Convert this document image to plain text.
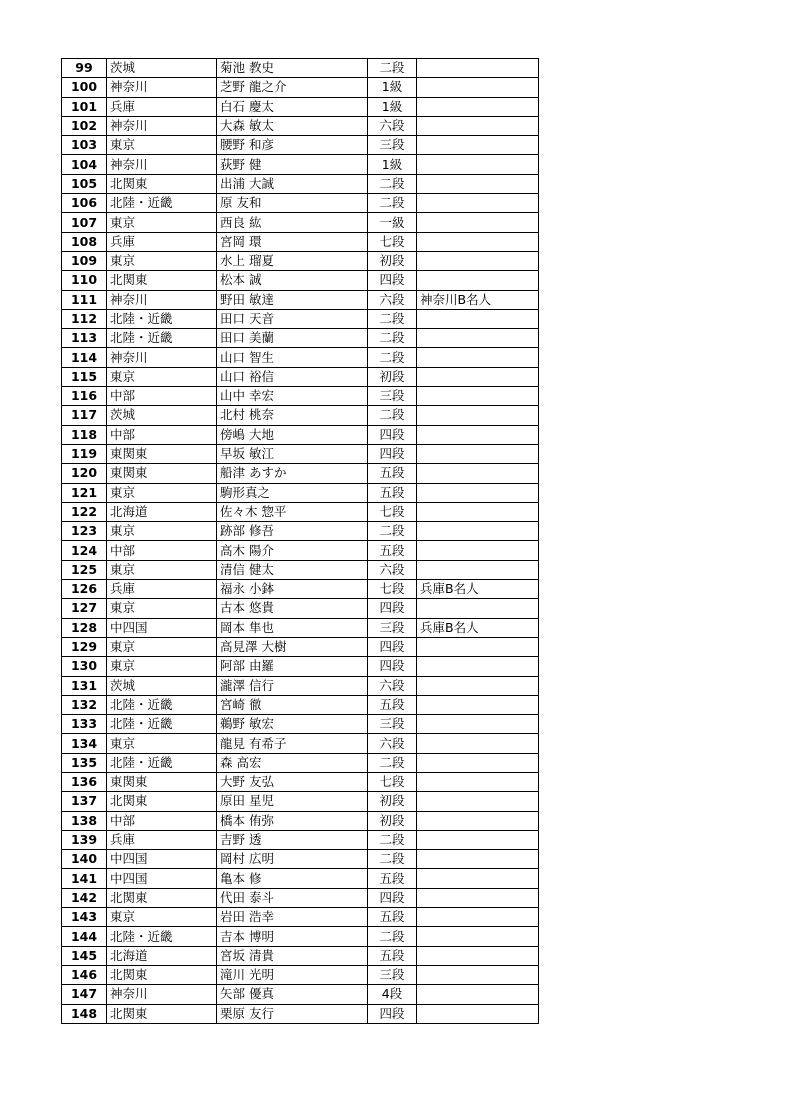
99	茨城	菊池 教史	二段	
100	神奈川	芝野 龍之介	1級	
101	兵庫	白石 慶太	1級	
102	神奈川	大森 敏太	六段	
103	東京	腰野 和彦	三段	
104	神奈川	荻野 健	1級	
105	北関東	出浦 大誠	二段	
106	北陸・近畿	原 友和	二段	
107	東京	西良 紘	一級	
108	兵庫	宮岡 環	七段	
109	東京	水上 瑠夏	初段	
110	北関東	松本 誠	四段	
111	神奈川	野田 敏達	六段	神奈川B名人
112	北陸・近畿	田口 天音	二段	
113	北陸・近畿	田口 美蘭	二段	
114	神奈川	山口 智生	二段	
115	東京	山口 裕信	初段	
116	中部	山中 幸宏	三段	
117	茨城	北村 桃奈	二段	
118	中部	傍嶋 大地	四段	
119	東関東	早坂 敏江	四段	
120	東関東	船津 あすか	五段	
121	東京	駒形真之	五段	
122	北海道	佐々木 惣平	七段	
123	東京	跡部 修吾	二段	
124	中部	高木 陽介	五段	
125	東京	清信 健太	六段	
126	兵庫	福永 小鉢	七段	兵庫B名人
127	東京	古本 悠貴	四段	
128	中四国	岡本 隼也	三段	兵庫B名人
129	東京	高見澤 大樹	四段	
130	東京	阿部 由羅	四段	
131	茨城	瀧澤 信行	六段	
132	北陸・近畿	宮崎 徹	五段	
133	北陸・近畿	鵜野 敏宏	三段	
134	東京	龍見 有希子	六段	
135	北陸・近畿	森 高宏	二段	
136	東関東	大野 友弘	七段	
137	北関東	原田 星児	初段	
138	中部	橋本 侑弥	初段	
139	兵庫	吉野 透	二段	
140	中四国	岡村 広明	二段	
141	中四国	亀本 修	五段	
142	北関東	代田 泰斗	四段	
143	東京	岩田 浩幸	五段	
144	北陸・近畿	吉本 博明	二段	
145	北海道	宮坂 清貴	五段	
146	北関東	滝川 光明	三段	
147	神奈川	矢部 優真	4段	
148	北関東	栗原 友行	四段	
